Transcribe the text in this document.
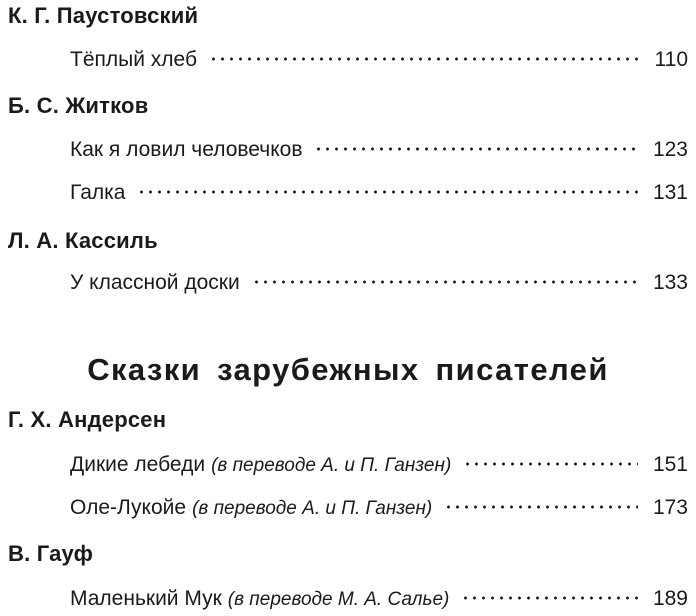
К. Г. Паустовский
Тёплый хлеб	110
Б. С. Житков
Как я ловил человечков	123
Галка	131
Л. А. Кассиль
У классной доски	133
Сказки зарубежных писателей
Г. Х. Андерсен
Дикие лебеди (в переводе А. и П. Ганзен)	151
Оле-Лукойе (в переводе А. и П. Ганзен)	173
В. Гауф
Маленький Мук (в переводе М. А. Салье)	189
